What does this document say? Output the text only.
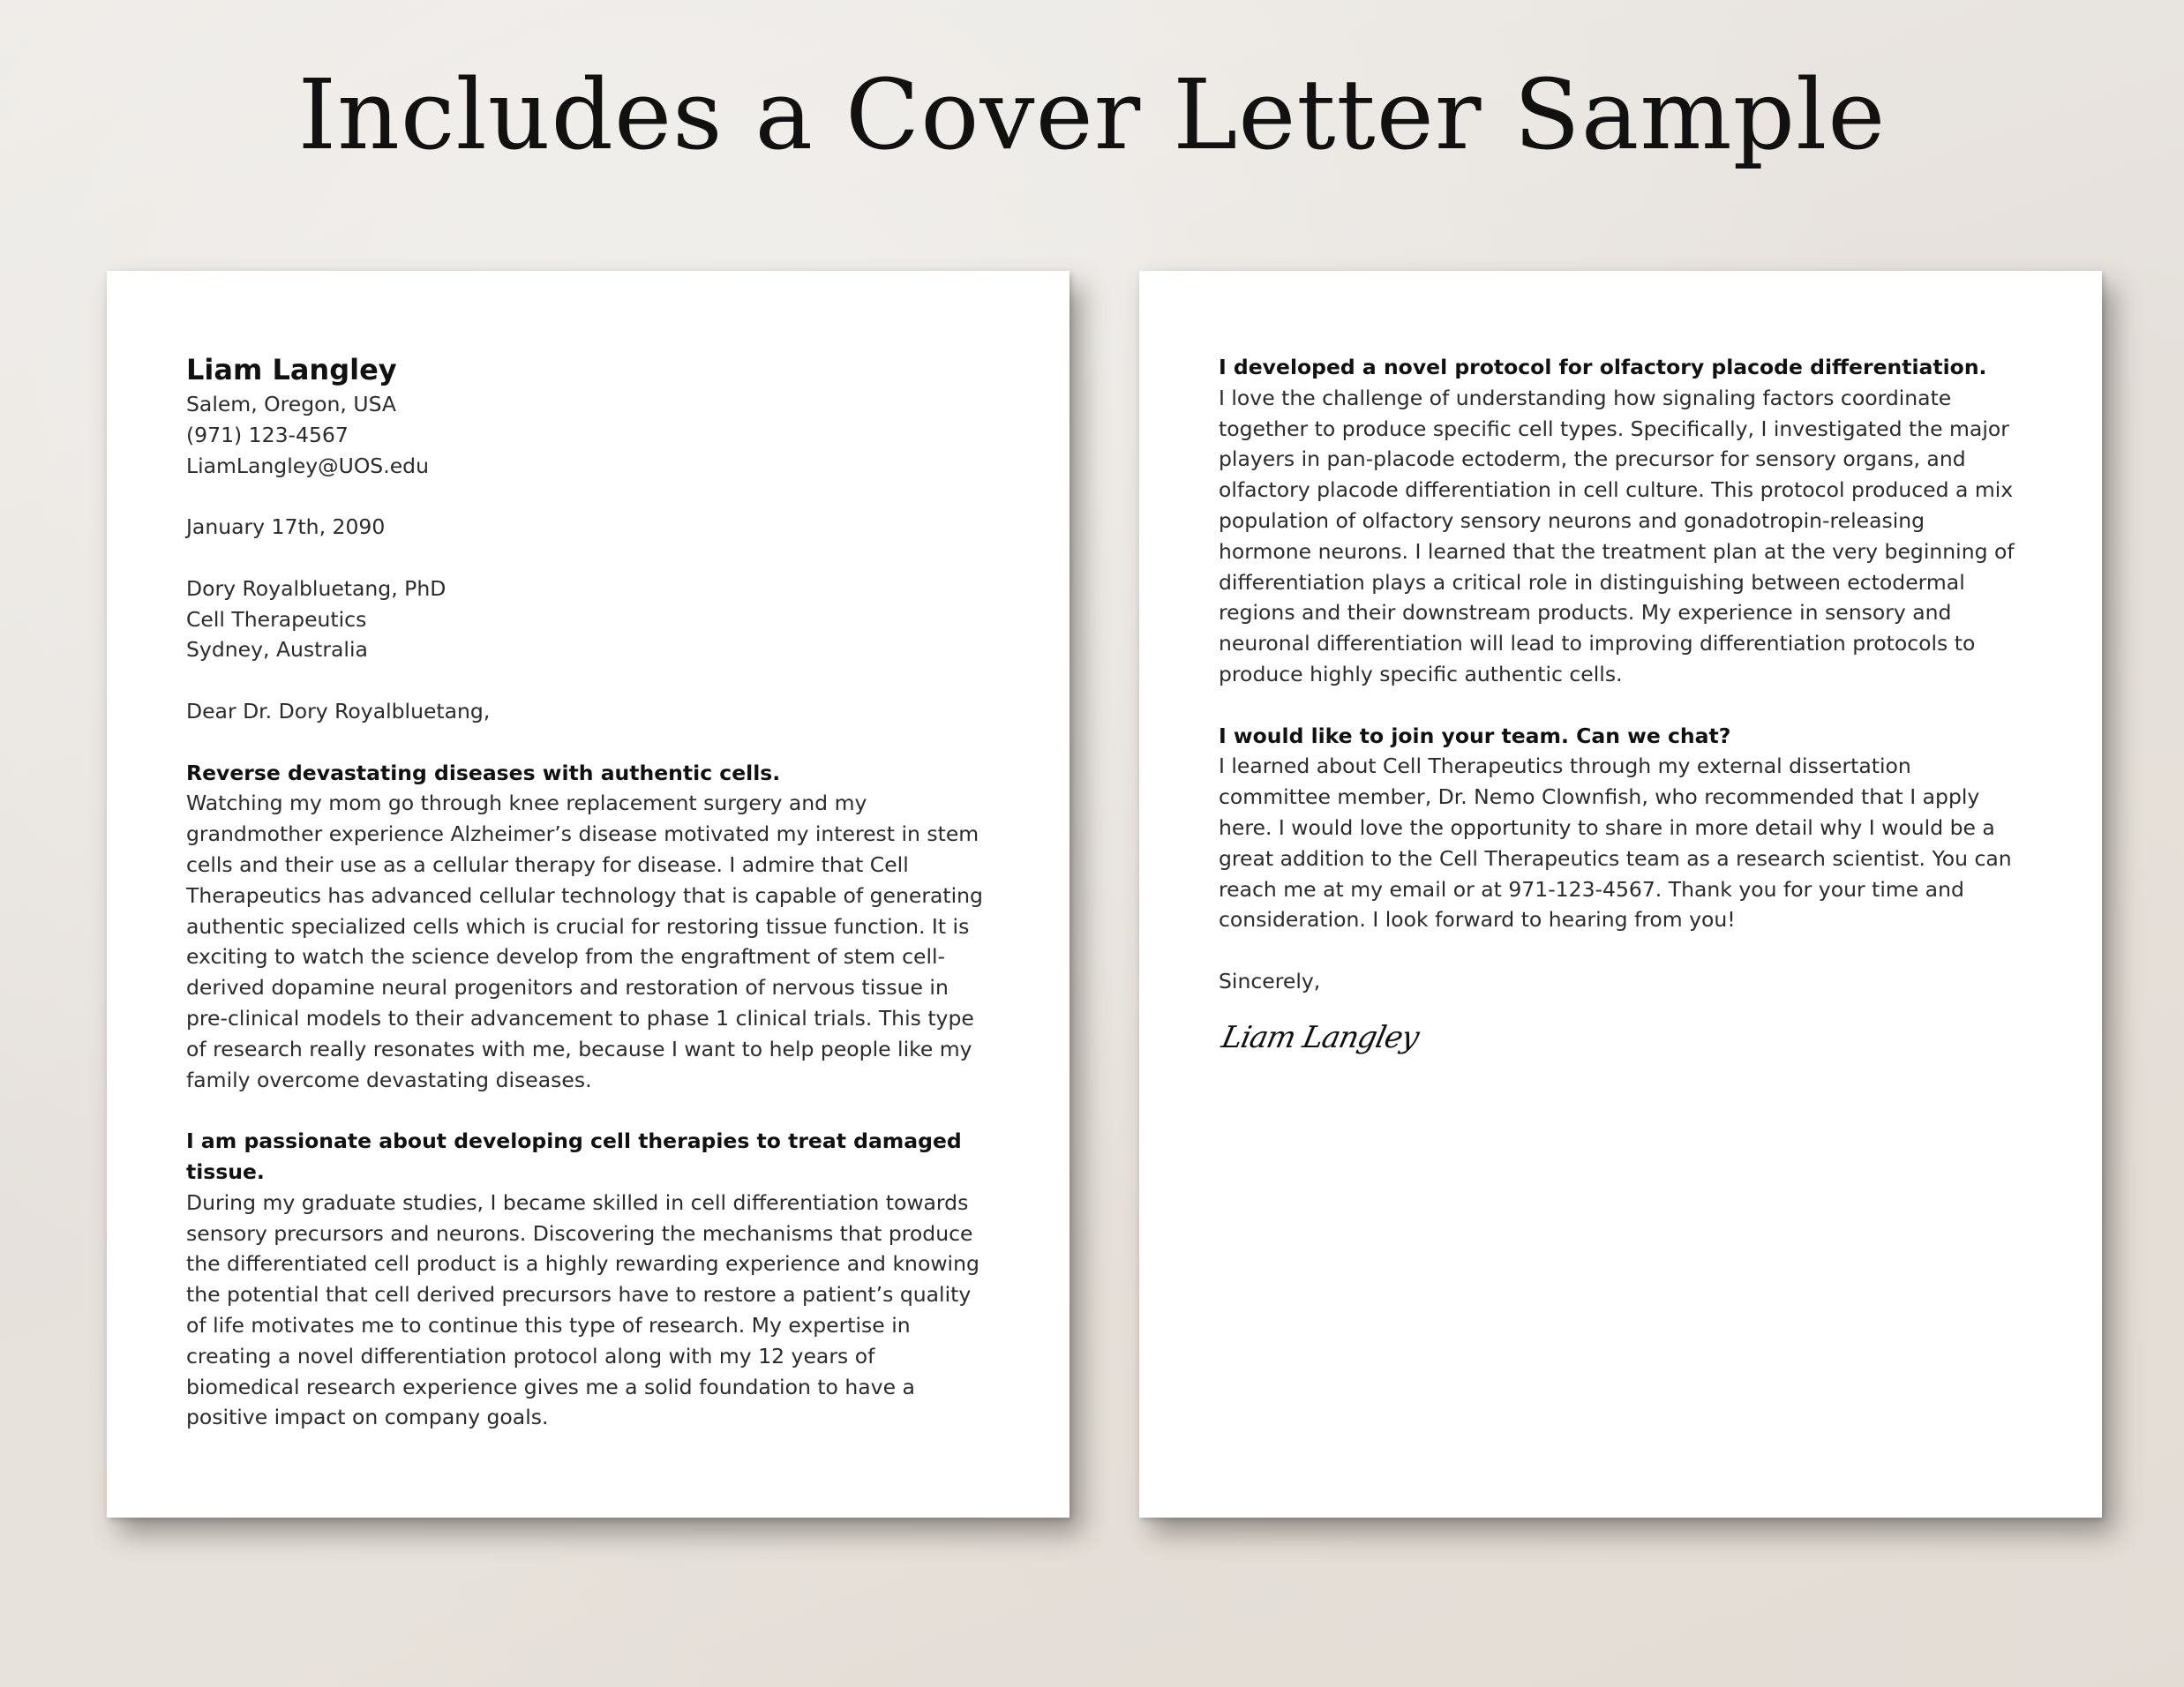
Includes a Cover Letter Sample
Liam Langley
Salem, Oregon, USA
(971) 123-4567
LiamLangley@UOS.edu
January 17th, 2090
Dory Royalbluetang, PhD
Cell Therapeutics
Sydney, Australia
Dear Dr. Dory Royalbluetang,

Reverse devastating diseases with authentic cells.

Watching my mom go through knee replacement surgery and my grandmother experience Alzheimer’s disease motivated my interest in stem cells and their use as a cellular therapy for disease. I admire that Cell Therapeutics has advanced cellular technology that is capable of generating authentic specialized cells which is crucial for restoring tissue function. It is exciting to watch the science develop from the engraftment of stem cell-derived dopamine neural progenitors and restoration of nervous tissue in pre-clinical models to their advancement to phase 1 clinical trials. This type of research really resonates with me, because I want to help people like my family overcome devastating diseases.

I am passionate about developing cell therapies to treat damaged tissue.

During my graduate studies, I became skilled in cell differentiation towards sensory precursors and neurons. Discovering the mechanisms that produce the differentiated cell product is a highly rewarding experience and knowing the potential that cell derived precursors have to restore a patient’s quality of life motivates me to continue this type of research. My expertise in creating a novel differentiation protocol along with my 12 years of biomedical research experience gives me a solid foundation to have a positive impact on company goals.

I developed a novel protocol for olfactory placode differentiation.

I love the challenge of understanding how signaling factors coordinate together to produce specific cell types. Specifically, I investigated the major players in pan-placode ectoderm, the precursor for sensory organs, and olfactory placode differentiation in cell culture. This protocol produced a mix population of olfactory sensory neurons and gonadotropin-releasing hormone neurons. I learned that the treatment plan at the very beginning of differentiation plays a critical role in distinguishing between ectodermal regions and their downstream products. My experience in sensory and neuronal differentiation will lead to improving differentiation protocols to produce highly specific authentic cells.

I would like to join your team. Can we chat?

I learned about Cell Therapeutics through my external dissertation committee member, Dr. Nemo Clownfish, who recommended that I apply here. I would love the opportunity to share in more detail why I would be a great addition to the Cell Therapeutics team as a research scientist. You can reach me at my email or at 971-123-4567. Thank you for your time and consideration. I look forward to hearing from you!

Sincerely,
Liam Langley
